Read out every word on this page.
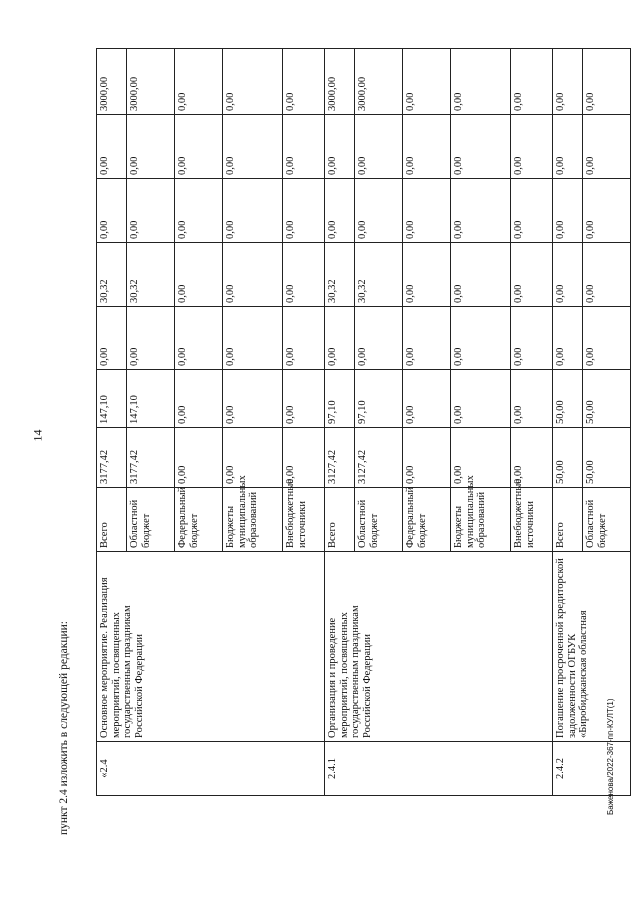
14
пункт 2.4 изложить в следующей редакции:	Баженова/2022-367-пп-КУЛТ(1)
«2.4	Основное мероприятие. Реализация мероприятий, посвященных государственным праздникам Российской Федерации	Всего	3177,42	147,10	0,00	30,32	0,00	0,00	3000,00
		Областной бюджет	3177,42	147,10	0,00	30,32	0,00	0,00	3000,00
		Федеральный бюджет	0,00	0,00	0,00	0,00	0,00	0,00	0,00
		Бюджеты муниципальных образований	0,00	0,00	0,00	0,00	0,00	0,00	0,00
		Внебюджетные источники	0,00	0,00	0,00	0,00	0,00	0,00	0,00
2.4.1	Организация и проведение мероприятий, посвященных государственным праздникам Российской Федерации	Всего	3127,42	97,10	0,00	30,32	0,00	0,00	3000,00
		Областной бюджет	3127,42	97,10	0,00	30,32	0,00	0,00	3000,00
		Федеральный бюджет	0,00	0,00	0,00	0,00	0,00	0,00	0,00
		Бюджеты муниципальных образований	0,00	0,00	0,00	0,00	0,00	0,00	0,00
		Внебюджетные источники	0,00	0,00	0,00	0,00	0,00	0,00	0,00
2.4.2	Погашение просроченной кредиторской задолженности ОГБУК «Биробиджанская областная	Всего	50,00	50,00	0,00	0,00	0,00	0,00	0,00
		Областной бюджет	50,00	50,00	0,00	0,00	0,00	0,00	0,00
